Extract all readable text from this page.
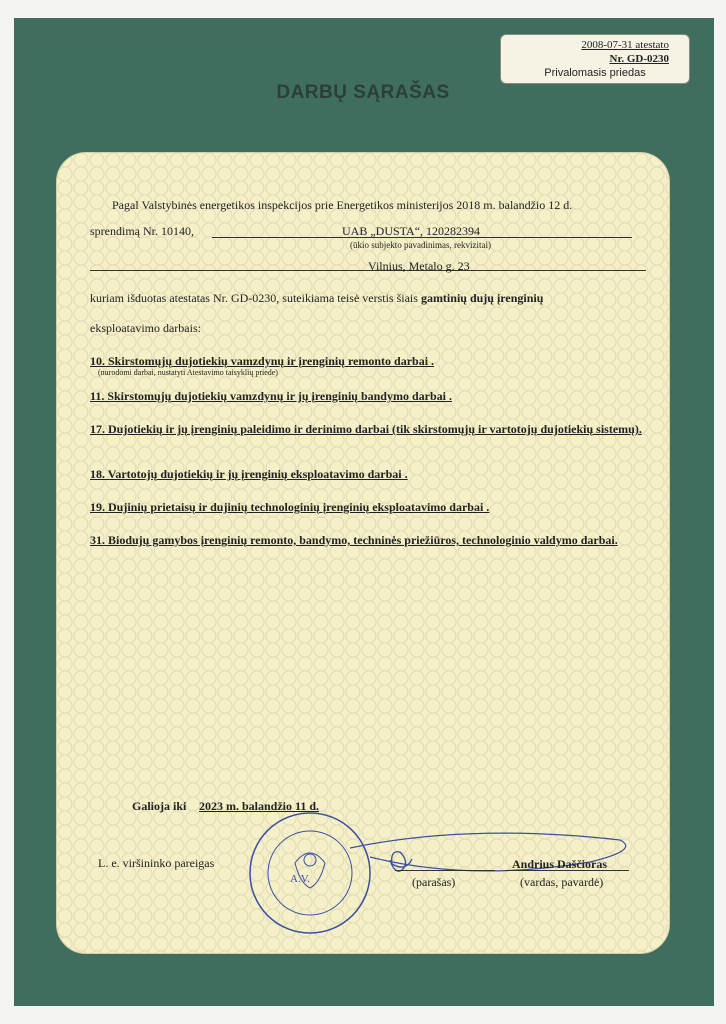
2008-07-31 atestato
Nr. GD-0230
Privalomasis priedas
DARBŲ SĄRAŠAS
Pagal Valstybinės energetikos inspekcijos prie Energetikos ministerijos 2018 m. balandžio 12 d.
sprendimą Nr. 10140,	UAB „DUSTA“, 120282394
(ūkio subjekto pavadinimas, rekvizitai)
Vilnius, Metalo g. 23
kuriam išduotas atestatas Nr. GD-0230, suteikiama teisė verstis šiais gamtinių dujų įrenginių
eksploatavimo darbais:
10. Skirstomųjų dujotiekių vamzdynų ir įrenginių remonto darbai .
(nurodomi darbai, nustatyti Atestavimo taisyklių priede)
11. Skirstomųjų dujotiekių vamzdynų ir jų įrenginių bandymo darbai .
17. Dujotiekių ir jų įrenginių paleidimo ir derinimo darbai (tik skirstomųjų ir vartotojų dujotiekių sistemų).
18. Vartotojų dujotiekių ir jų įrenginių eksploatavimo darbai .
19. Dujinių prietaisų ir dujinių technologinių įrenginių eksploatavimo darbai .
31. Biodujų gamybos įrenginių remonto, bandymo, techninės priežiūros, technologinio valdymo darbai.
Galioja iki 2023 m. balandžio 11 d.
L. e. viršininko pareigas
A.V.	(parašas)
Andrius Daščioras
(vardas, pavardė)
